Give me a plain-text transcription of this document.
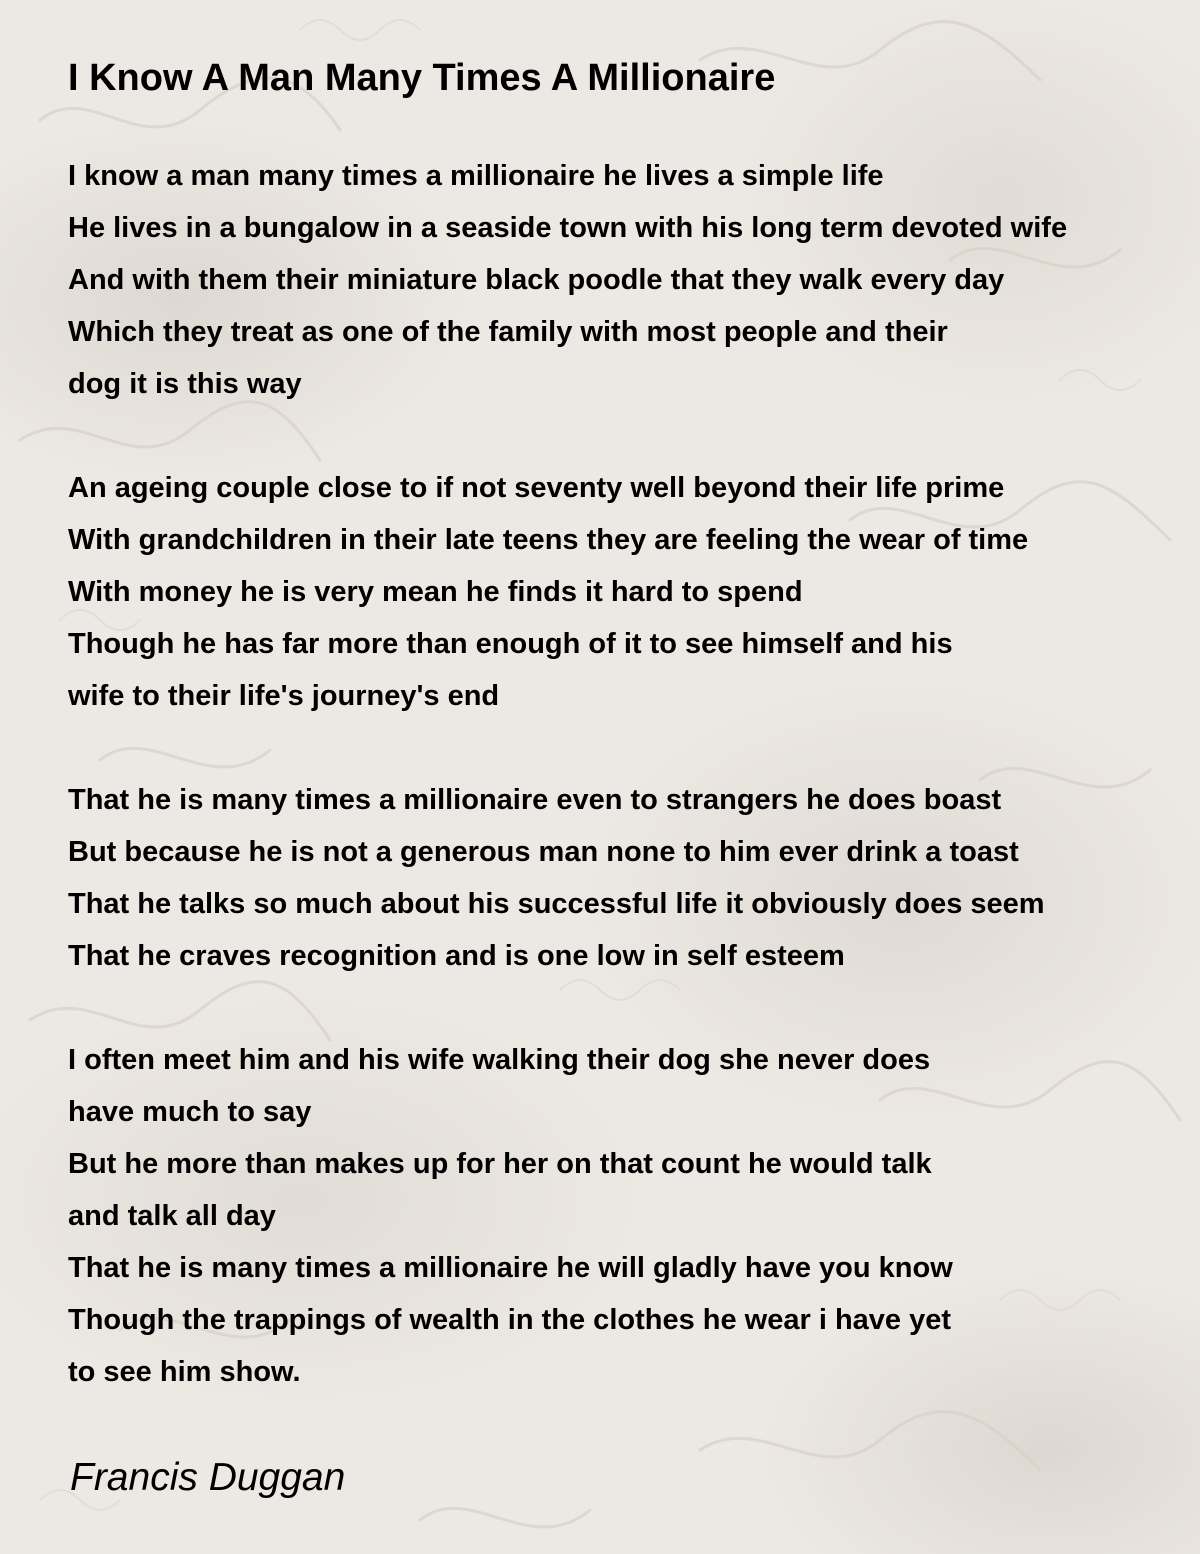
I Know A Man Many Times A Millionaire
I know a man many times a millionaire he lives a simple life
He lives in a bungalow in a seaside town with his long term devoted wife
And with them their miniature black poodle that they walk every day
Which they treat as one of the family with most people and their
dog it is this way
An ageing couple close to if not seventy well beyond their life prime
With grandchildren in their late teens they are feeling the wear of time
With money he is very mean he finds it hard to spend
Though he has far more than enough of it to see himself and his
wife to their life's journey's end
That he is many times a millionaire even to strangers he does boast
But because he is not a generous man none to him ever drink a toast
That he talks so much about his successful life it obviously does seem
That he craves recognition and is one low in self esteem
I often meet him and his wife walking their dog she never does
have much to say
But he more than makes up for her on that count he would talk
and talk all day
That he is many times a millionaire he will gladly have you know
Though the trappings of wealth in the clothes he wear i have yet
to see him show.
Francis Duggan
